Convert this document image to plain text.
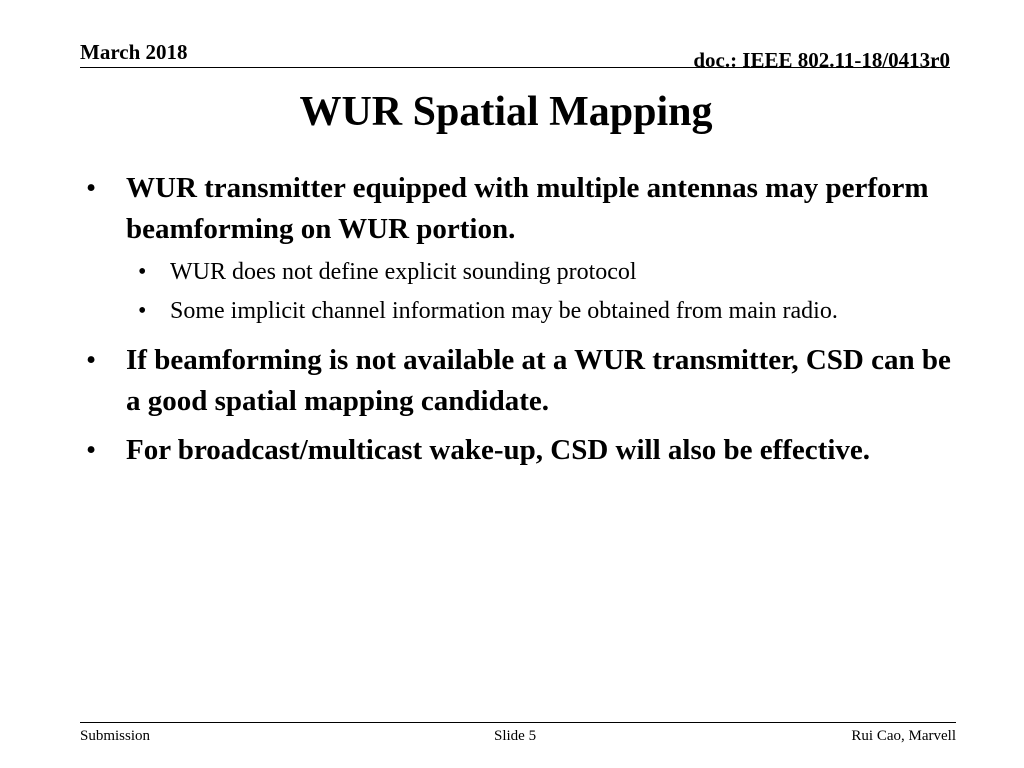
March 2018	doc.: IEEE 802.11-18/0413r0
WUR Spatial Mapping
• WUR transmitter equipped with multiple antennas may perform beamforming on WUR portion.
• WUR does not define explicit sounding protocol
• Some implicit channel information may be obtained from main radio.
• If beamforming is not available at a WUR transmitter, CSD can be a good spatial mapping candidate.
• For broadcast/multicast wake-up, CSD will also be effective.
Submission	Slide 5	Rui Cao, Marvell
